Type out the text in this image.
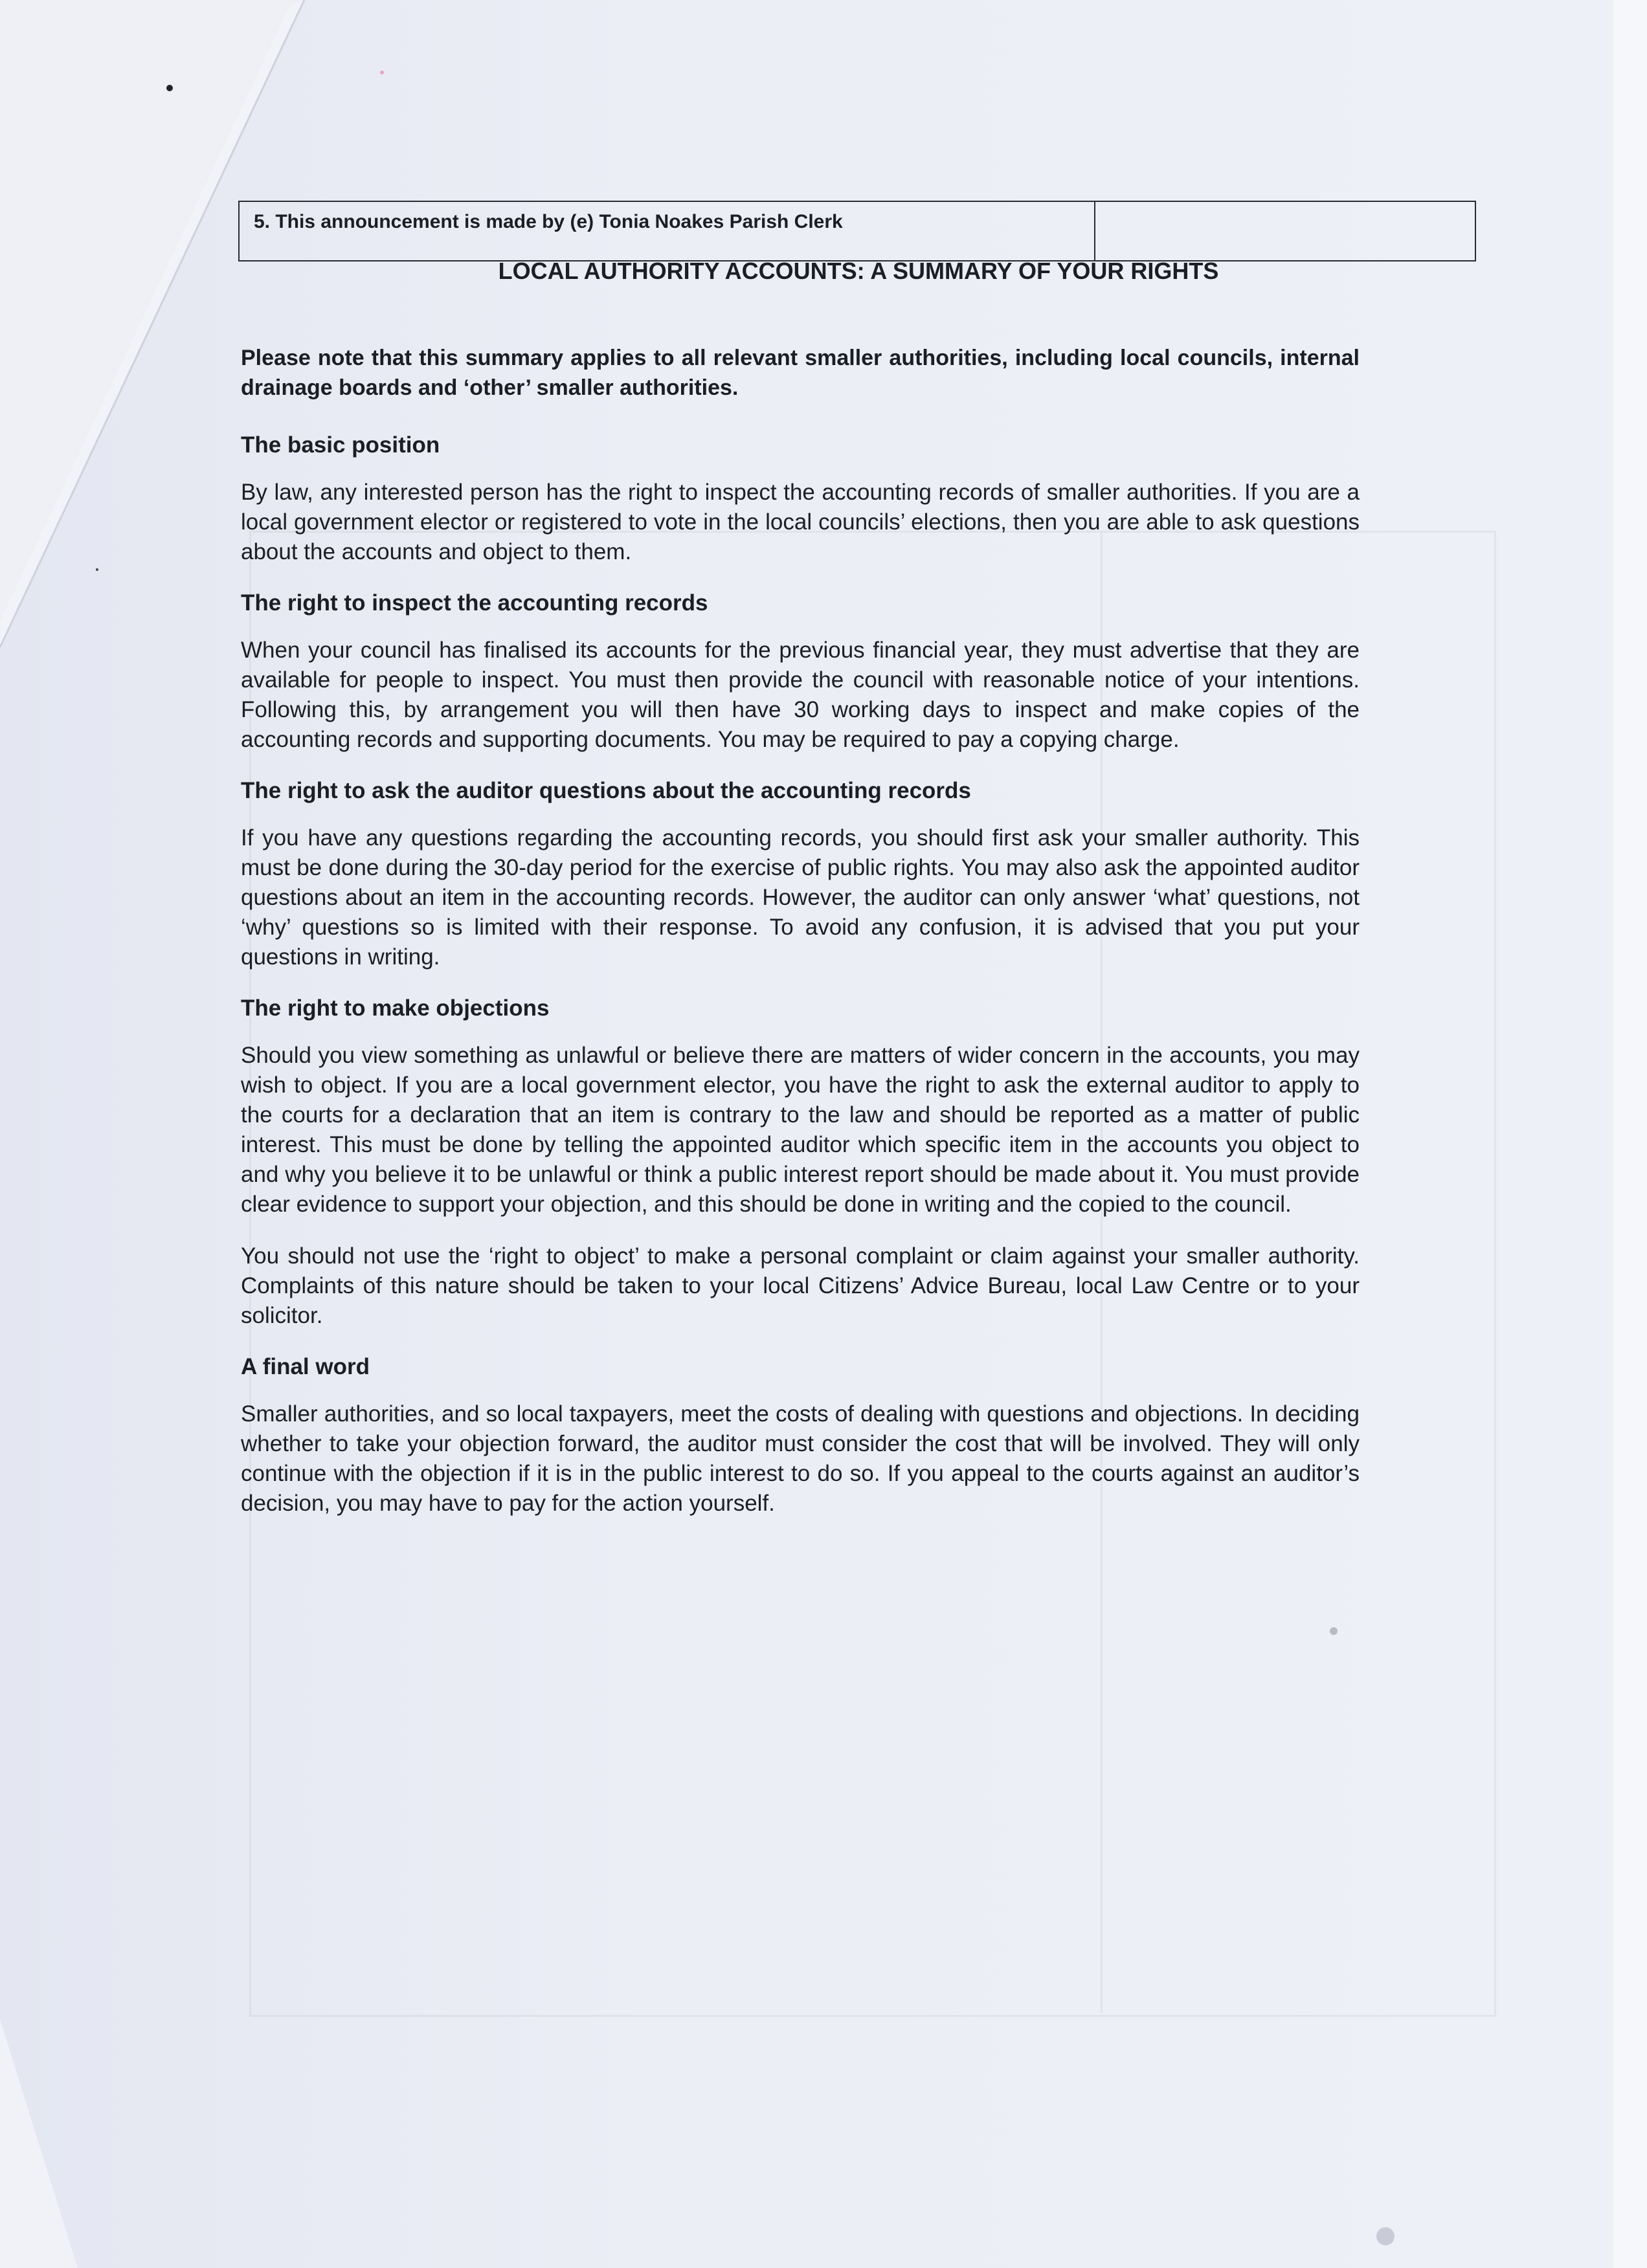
5. This announcement is made by (e) Tonia Noakes Parish Clerk
LOCAL AUTHORITY ACCOUNTS: A SUMMARY OF YOUR RIGHTS

Please note that this summary applies to all relevant smaller authorities, including local councils, internal drainage boards and ‘other’ smaller authorities.

The basic position

By law, any interested person has the right to inspect the accounting records of smaller authorities. If you are a local government elector or registered to vote in the local councils’ elections, then you are able to ask questions about the accounts and object to them.

The right to inspect the accounting records

When your council has finalised its accounts for the previous financial year, they must advertise that they are available for people to inspect. You must then provide the council with reasonable notice of your intentions. Following this, by arrangement you will then have 30 working days to inspect and make copies of the accounting records and supporting documents. You may be required to pay a copying charge.

The right to ask the auditor questions about the accounting records

If you have any questions regarding the accounting records, you should first ask your smaller authority. This must be done during the 30-day period for the exercise of public rights. You may also ask the appointed auditor questions about an item in the accounting records. However, the auditor can only answer ‘what’ questions, not ‘why’ questions so is limited with their response. To avoid any confusion, it is advised that you put your questions in writing.

The right to make objections

Should you view something as unlawful or believe there are matters of wider concern in the accounts, you may wish to object. If you are a local government elector, you have the right to ask the external auditor to apply to the courts for a declaration that an item is contrary to the law and should be reported as a matter of public interest. This must be done by telling the appointed auditor which specific item in the accounts you object to and why you believe it to be unlawful or think a public interest report should be made about it. You must provide clear evidence to support your objection, and this should be done in writing and the copied to the council.

You should not use the ‘right to object’ to make a personal complaint or claim against your smaller authority. Complaints of this nature should be taken to your local Citizens’ Advice Bureau, local Law Centre or to your solicitor.

A final word

Smaller authorities, and so local taxpayers, meet the costs of dealing with questions and objections. In deciding whether to take your objection forward, the auditor must consider the cost that will be involved. They will only continue with the objection if it is in the public interest to do so. If you appeal to the courts against an auditor’s decision, you may have to pay for the action yourself.
